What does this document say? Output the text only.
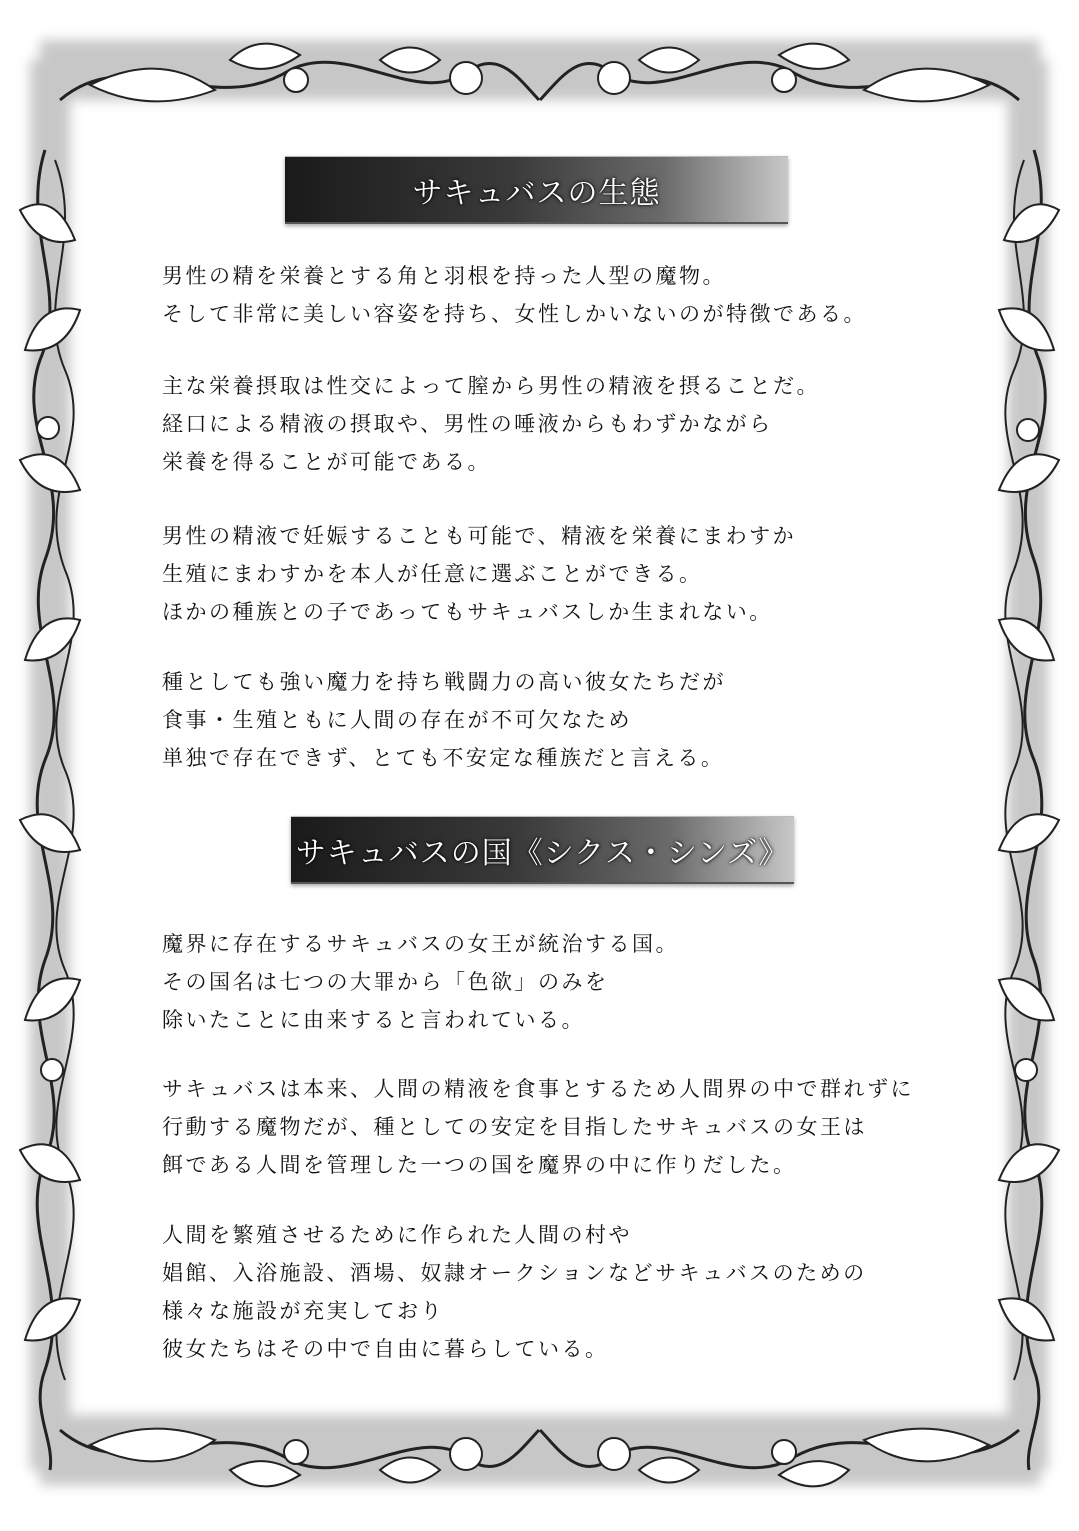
サキュバスの生態
男性の精を栄養とする角と羽根を持った人型の魔物。
そして非常に美しい容姿を持ち、女性しかいないのが特徴である。
主な栄養摂取は性交によって膣から男性の精液を摂ることだ。
経口による精液の摂取や、男性の唾液からもわずかながら
栄養を得ることが可能である。
男性の精液で妊娠することも可能で、精液を栄養にまわすか
生殖にまわすかを本人が任意に選ぶことができる。
ほかの種族との子であってもサキュバスしか生まれない。
種としても強い魔力を持ち戦闘力の高い彼女たちだが
食事・生殖ともに人間の存在が不可欠なため
単独で存在できず、とても不安定な種族だと言える。
サキュバスの国《シクス・シンズ》
魔界に存在するサキュバスの女王が統治する国。
その国名は七つの大罪から「色欲」のみを
除いたことに由来すると言われている。
サキュバスは本来、人間の精液を食事とするため人間界の中で群れずに
行動する魔物だが、種としての安定を目指したサキュバスの女王は
餌である人間を管理した一つの国を魔界の中に作りだした。
人間を繁殖させるために作られた人間の村や
娼館、入浴施設、酒場、奴隷オークションなどサキュバスのための
様々な施設が充実しており
彼女たちはその中で自由に暮らしている。
